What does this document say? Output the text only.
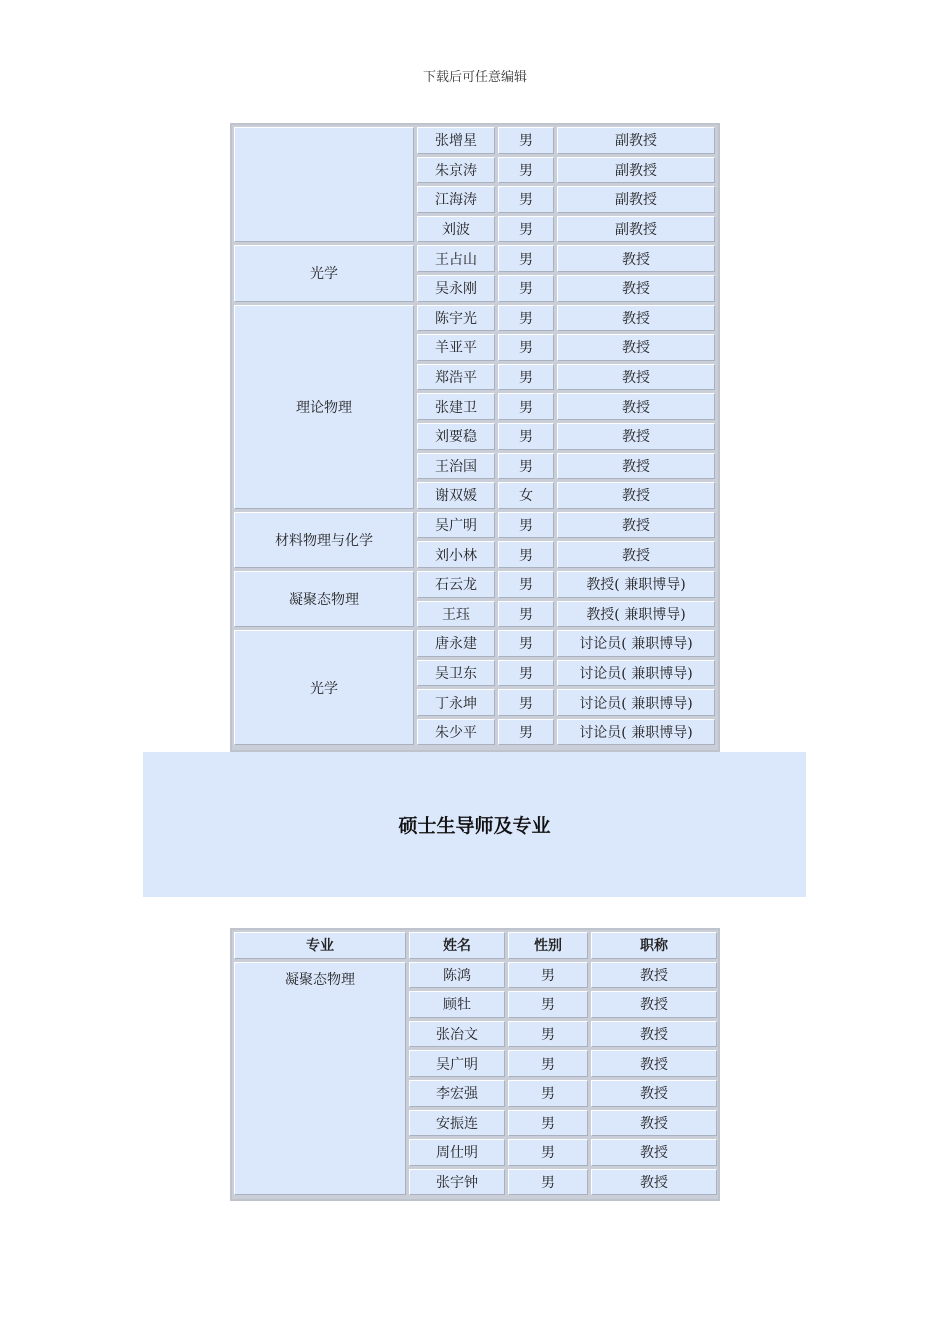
下载后可任意编辑
张增星	男	副教授
朱京涛	男	副教授
江海涛	男	副教授
刘波	男	副教授
光学
王占山	男	教授
吴永刚	男	教授
理论物理
陈宇光	男	教授
羊亚平	男	教授
郑浩平	男	教授
张建卫	男	教授
刘要稳	男	教授
王治国	男	教授
谢双媛	女	教授
材料物理与化学
吴广明	男	教授
刘小林	男	教授
凝聚态物理
石云龙	男	教授( 兼职博导)
王珏	男	教授( 兼职博导)
光学
唐永建	男	讨论员( 兼职博导)
吴卫东	男	讨论员( 兼职博导)
丁永坤	男	讨论员( 兼职博导)
朱少平	男	讨论员( 兼职博导)
硕士生导师及专业
专业	姓名	性别	职称
凝聚态物理	陈鸿	男	教授
顾牡	男	教授
张冶文	男	教授
吴广明	男	教授
李宏强	男	教授
安振连	男	教授
周仕明	男	教授
张宇钟	男	教授
